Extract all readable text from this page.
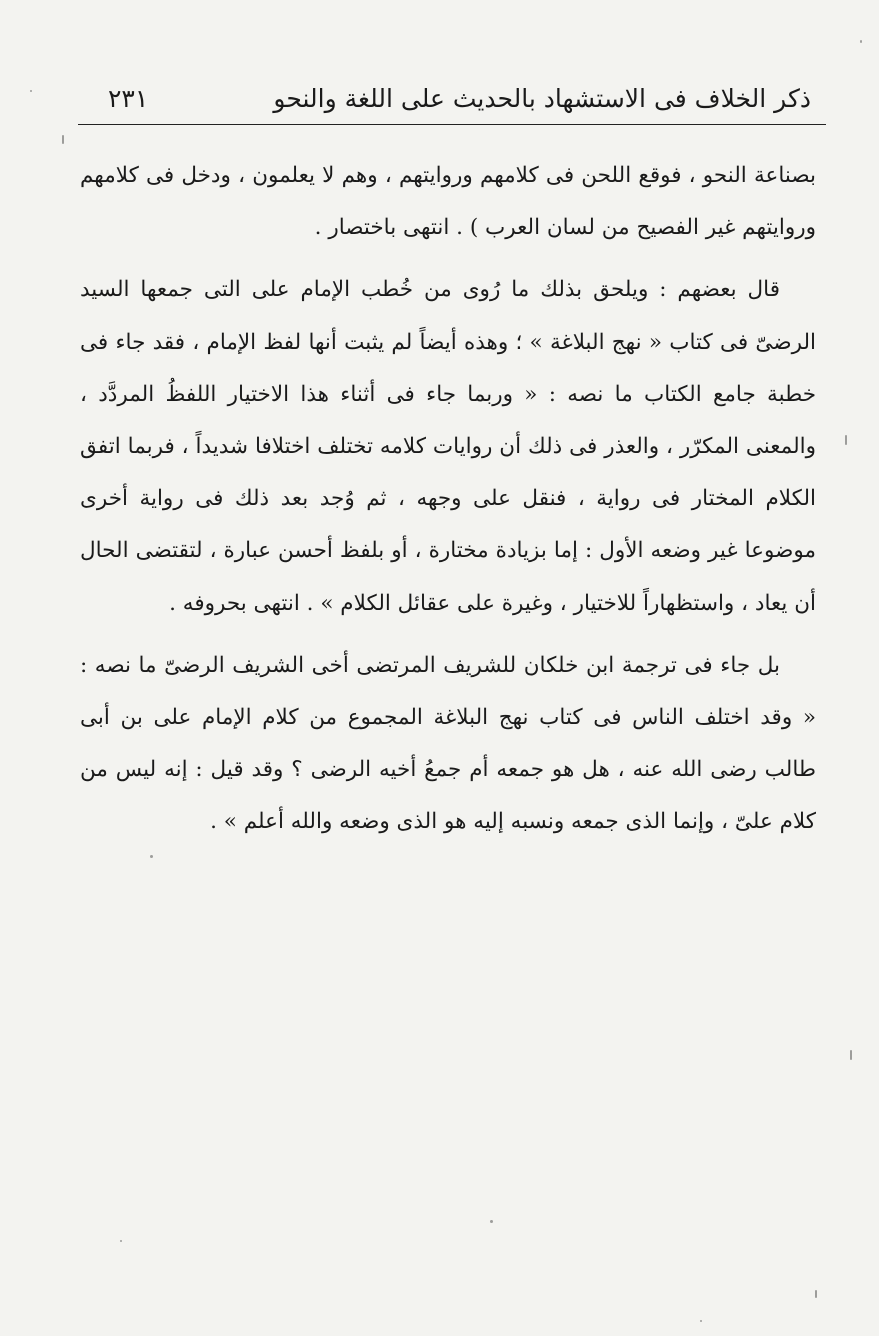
ذكر الخلاف فى الاستشهاد بالحديث على اللغة والنحو
٢٣١

بصناعة النحو ، فوقع اللحن فى كلامهم وروايتهم ، وهم لا يعلمون ، ودخل فى كلامهم وروايتهم غير الفصيح من لسان العرب ) . انتهى باختصار .

قال بعضهم : ويلحق بذلك ما رُوى من خُطب الإمام على التى جمعها السيد الرضىّ فى كتاب « نهج البلاغة » ؛ وهذه أيضاً لم يثبت أنها لفظ الإمام ، فقد جاء فى خطبة جامع الكتاب ما نصه : « وربما جاء فى أثناء هذا الاختيار اللفظُ المردَّد ، والمعنى المكرّر ، والعذر فى ذلك أن روايات كلامه تختلف اختلافا شديداً ، فربما اتفق الكلام المختار فى رواية ، فنقل على وجهه ، ثم وُجد بعد ذلك فى رواية أخرى موضوعا غير وضعه الأول : إما بزيادة مختارة ، أو بلفظ أحسن عبارة ، لتقتضى الحال أن يعاد ، واستظهاراً للاختيار ، وغيرة على عقائل الكلام » . انتهى بحروفه .

بل جاء فى ترجمة ابن خلكان للشريف المرتضى أخى الشريف الرضىّ ما نصه : « وقد اختلف الناس فى كتاب نهج البلاغة المجموع من كلام الإمام على بن أبى طالب رضى الله عنه ، هل هو جمعه أم جمعُ أخيه الرضى ؟ وقد قيل : إنه ليس من كلام علىّ ، وإنما الذى جمعه ونسبه إليه هو الذى وضعه والله أعلم » .
